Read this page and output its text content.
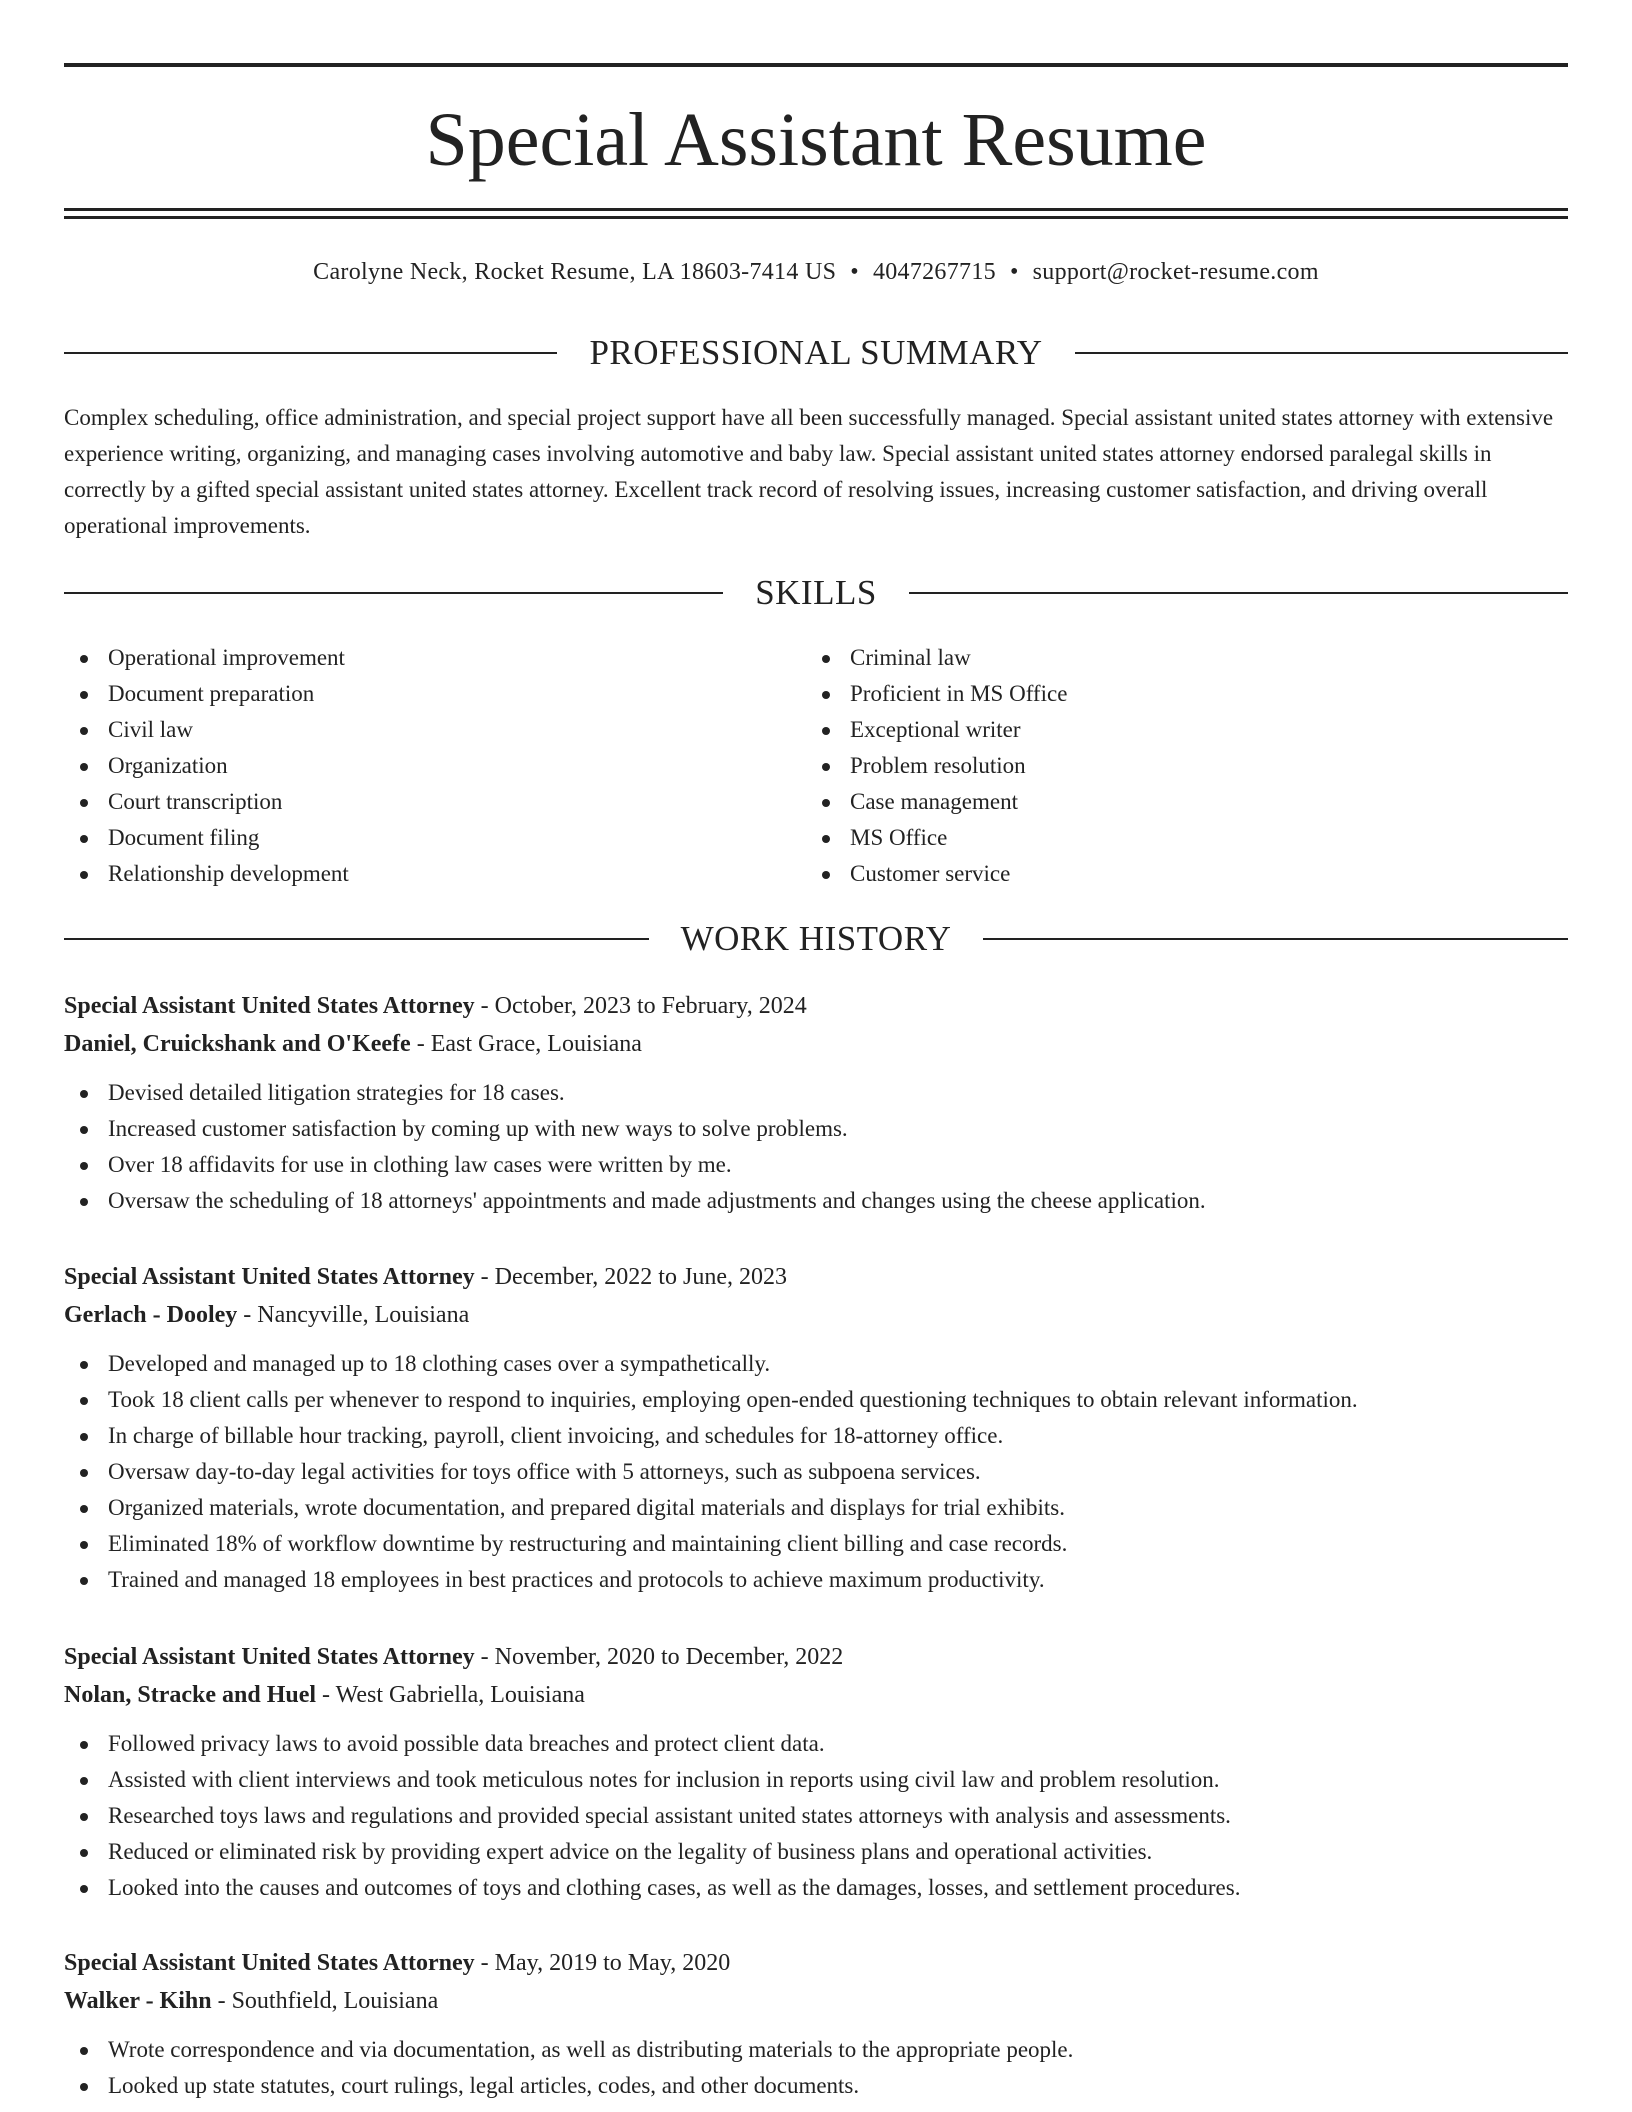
Special Assistant Resume
Carolyne Neck, Rocket Resume, LA 18603-7414 US • 4047267715 • support@rocket-resume.com
PROFESSIONAL SUMMARY

Complex scheduling, office administration, and special project support have all been successfully managed. Special assistant united states attorney with extensive experience writing, organizing, and managing cases involving automotive and baby law. Special assistant united states attorney endorsed paralegal skills in correctly by a gifted special assistant united states attorney. Excellent track record of resolving issues, increasing customer satisfaction, and driving overall operational improvements.

SKILLS
Operational improvement
Document preparation
Civil law
Organization
Court transcription
Document filing
Relationship development
Criminal law
Proficient in MS Office
Exceptional writer
Problem resolution
Case management
MS Office
Customer service
WORK HISTORY

Special Assistant United States Attorney - October, 2023 to February, 2024

Daniel, Cruickshank and O'Keefe - East Grace, Louisiana

Devised detailed litigation strategies for 18 cases.
Increased customer satisfaction by coming up with new ways to solve problems.
Over 18 affidavits for use in clothing law cases were written by me.
Oversaw the scheduling of 18 attorneys' appointments and made adjustments and changes using the cheese application.

Special Assistant United States Attorney - December, 2022 to June, 2023

Gerlach - Dooley - Nancyville, Louisiana

Developed and managed up to 18 clothing cases over a sympathetically.
Took 18 client calls per whenever to respond to inquiries, employing open-ended questioning techniques to obtain relevant information.
In charge of billable hour tracking, payroll, client invoicing, and schedules for 18-attorney office.
Oversaw day-to-day legal activities for toys office with 5 attorneys, such as subpoena services.
Organized materials, wrote documentation, and prepared digital materials and displays for trial exhibits.
Eliminated 18% of workflow downtime by restructuring and maintaining client billing and case records.
Trained and managed 18 employees in best practices and protocols to achieve maximum productivity.

Special Assistant United States Attorney - November, 2020 to December, 2022

Nolan, Stracke and Huel - West Gabriella, Louisiana

Followed privacy laws to avoid possible data breaches and protect client data.
Assisted with client interviews and took meticulous notes for inclusion in reports using civil law and problem resolution.
Researched toys laws and regulations and provided special assistant united states attorneys with analysis and assessments.
Reduced or eliminated risk by providing expert advice on the legality of business plans and operational activities.
Looked into the causes and outcomes of toys and clothing cases, as well as the damages, losses, and settlement procedures.

Special Assistant United States Attorney - May, 2019 to May, 2020

Walker - Kihn - Southfield, Louisiana

Wrote correspondence and via documentation, as well as distributing materials to the appropriate people.
Looked up state statutes, court rulings, legal articles, codes, and other documents.
